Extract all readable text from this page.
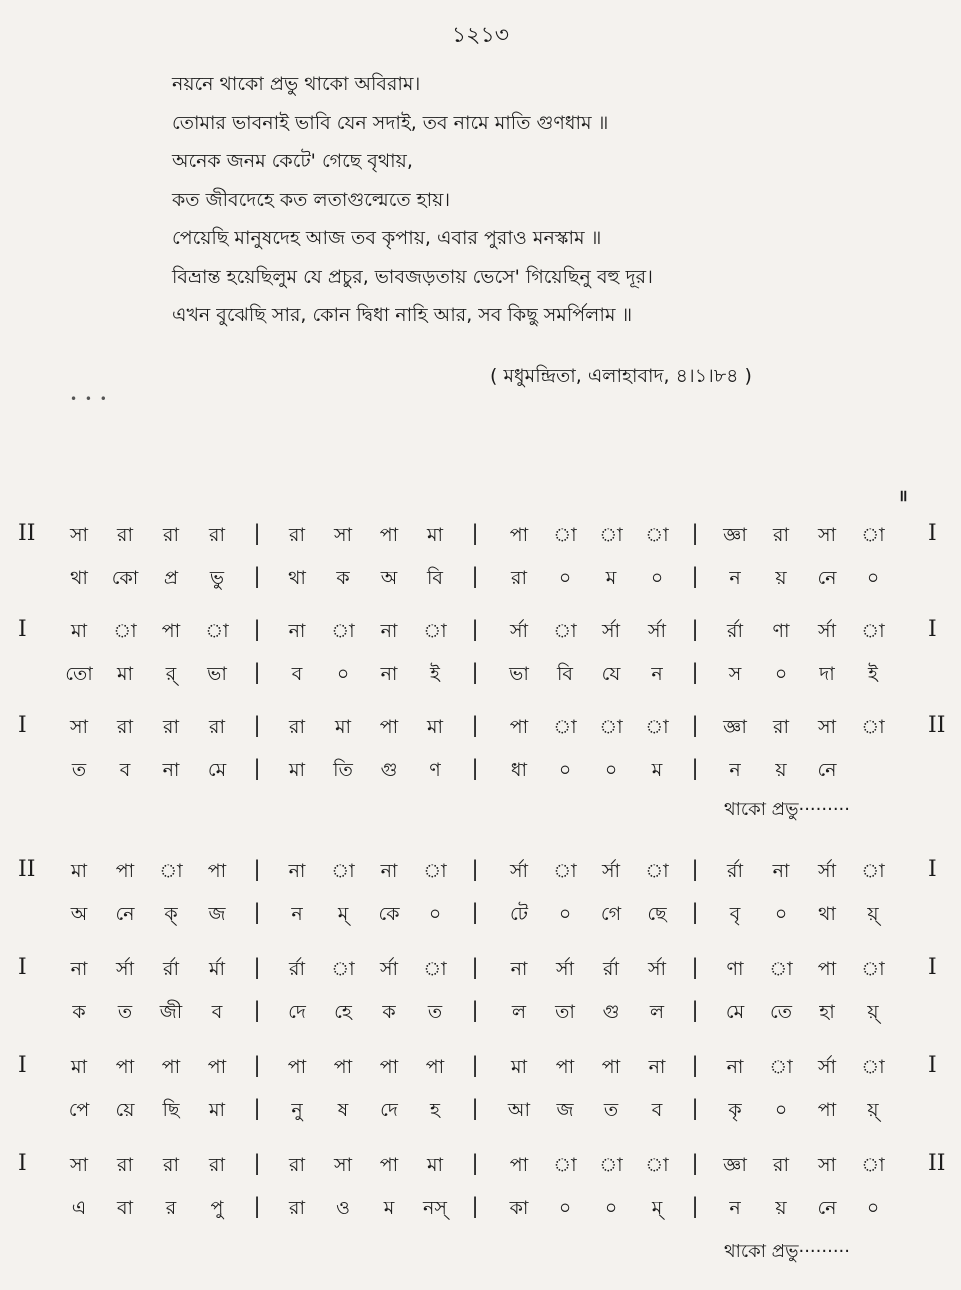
১২১৩
নয়নে থাকো প্রভু থাকো অবিরাম।
তোমার ভাবনাই ভাবি যেন সদাই, তব নামে মাতি গুণধাম ॥
অনেক জনম কেটে' গেছে বৃথায়,
কত জীবদেহে কত লতাগুল্মেতে হায়।
পেয়েছি মানুষদেহ আজ তব কৃপায়, এবার পুরাও মনস্কাম ॥
বিভ্রান্ত হয়েছিলুম যে প্রচুর, ভাবজড়তায় ভেসে' গিয়েছিনু বহু দূর।
এখন বুঝেছি সার, কোন দ্বিধা নাহি আর, সব কিছু সমর্পিলাম ॥
( মধুমন্দ্রিতা, এলাহাবাদ, ৪।১।৮৪ )
• • •
॥
II	I
সা	রা	রা	রা	রা	সা	পা	মা	পা	া	া	া	জ্ঞা	রা	সা	া
|	|	|
থা	কো	প্র	ভু	থা	ক	অ	বি	রা	০	ম	০	ন	য়	নে	০
|	|	|
I	I
মা	া	পা	া	না	া	না	া	র্সা	া	র্সা	র্সা	র্রা	ণা	র্সা	া
|	|	|
তো	মা	র্	ভা	ব	০	না	ই	ভা	বি	যে	ন	স	০	দা	ই
|	|	|
I	II
সা	রা	রা	রা	রা	মা	পা	মা	পা	া	া	া	জ্ঞা	রা	সা	া
|	|	|
ত	ব	না	মে	মা	তি	গু	ণ	ধা	০	০	ম	ন	য়	নে
|	|	|
II	I
মা	পা	া	পা	না	া	না	া	র্সা	া	র্সা	া	র্রা	না	র্সা	া
|	|	|
অ	নে	ক্	জ	ন	ম্	কে	০	টে	০	গে	ছে	বৃ	০	থা	য়্
|	|	|
I	I
না	র্সা	র্রা	র্মা	র্রা	া	র্সা	া	না	র্সা	র্রা	র্সা	ণা	া	পা	া
|	|	|
ক	ত	জী	ব	দে	হে	ক	ত	ল	তা	গু	ল	মে	তে	হা	য়্
|	|	|
I	I
মা	পা	পা	পা	পা	পা	পা	পা	মা	পা	পা	না	না	া	র্সা	া
|	|	|
পে	য়ে	ছি	মা	নু	ষ	দে	হ	আ	জ	ত	ব	কৃ	০	পা	য়্
|	|	|
I	II
সা	রা	রা	রা	রা	সা	পা	মা	পা	া	া	া	জ্ঞা	রা	সা	া
|	|	|
এ	বা	র	পু	রা	ও	ম	নস্	কা	০	০	ম্	ন	য়	নে	০
|	|	|
থাকো প্রভু·········
থাকো প্রভু·········
